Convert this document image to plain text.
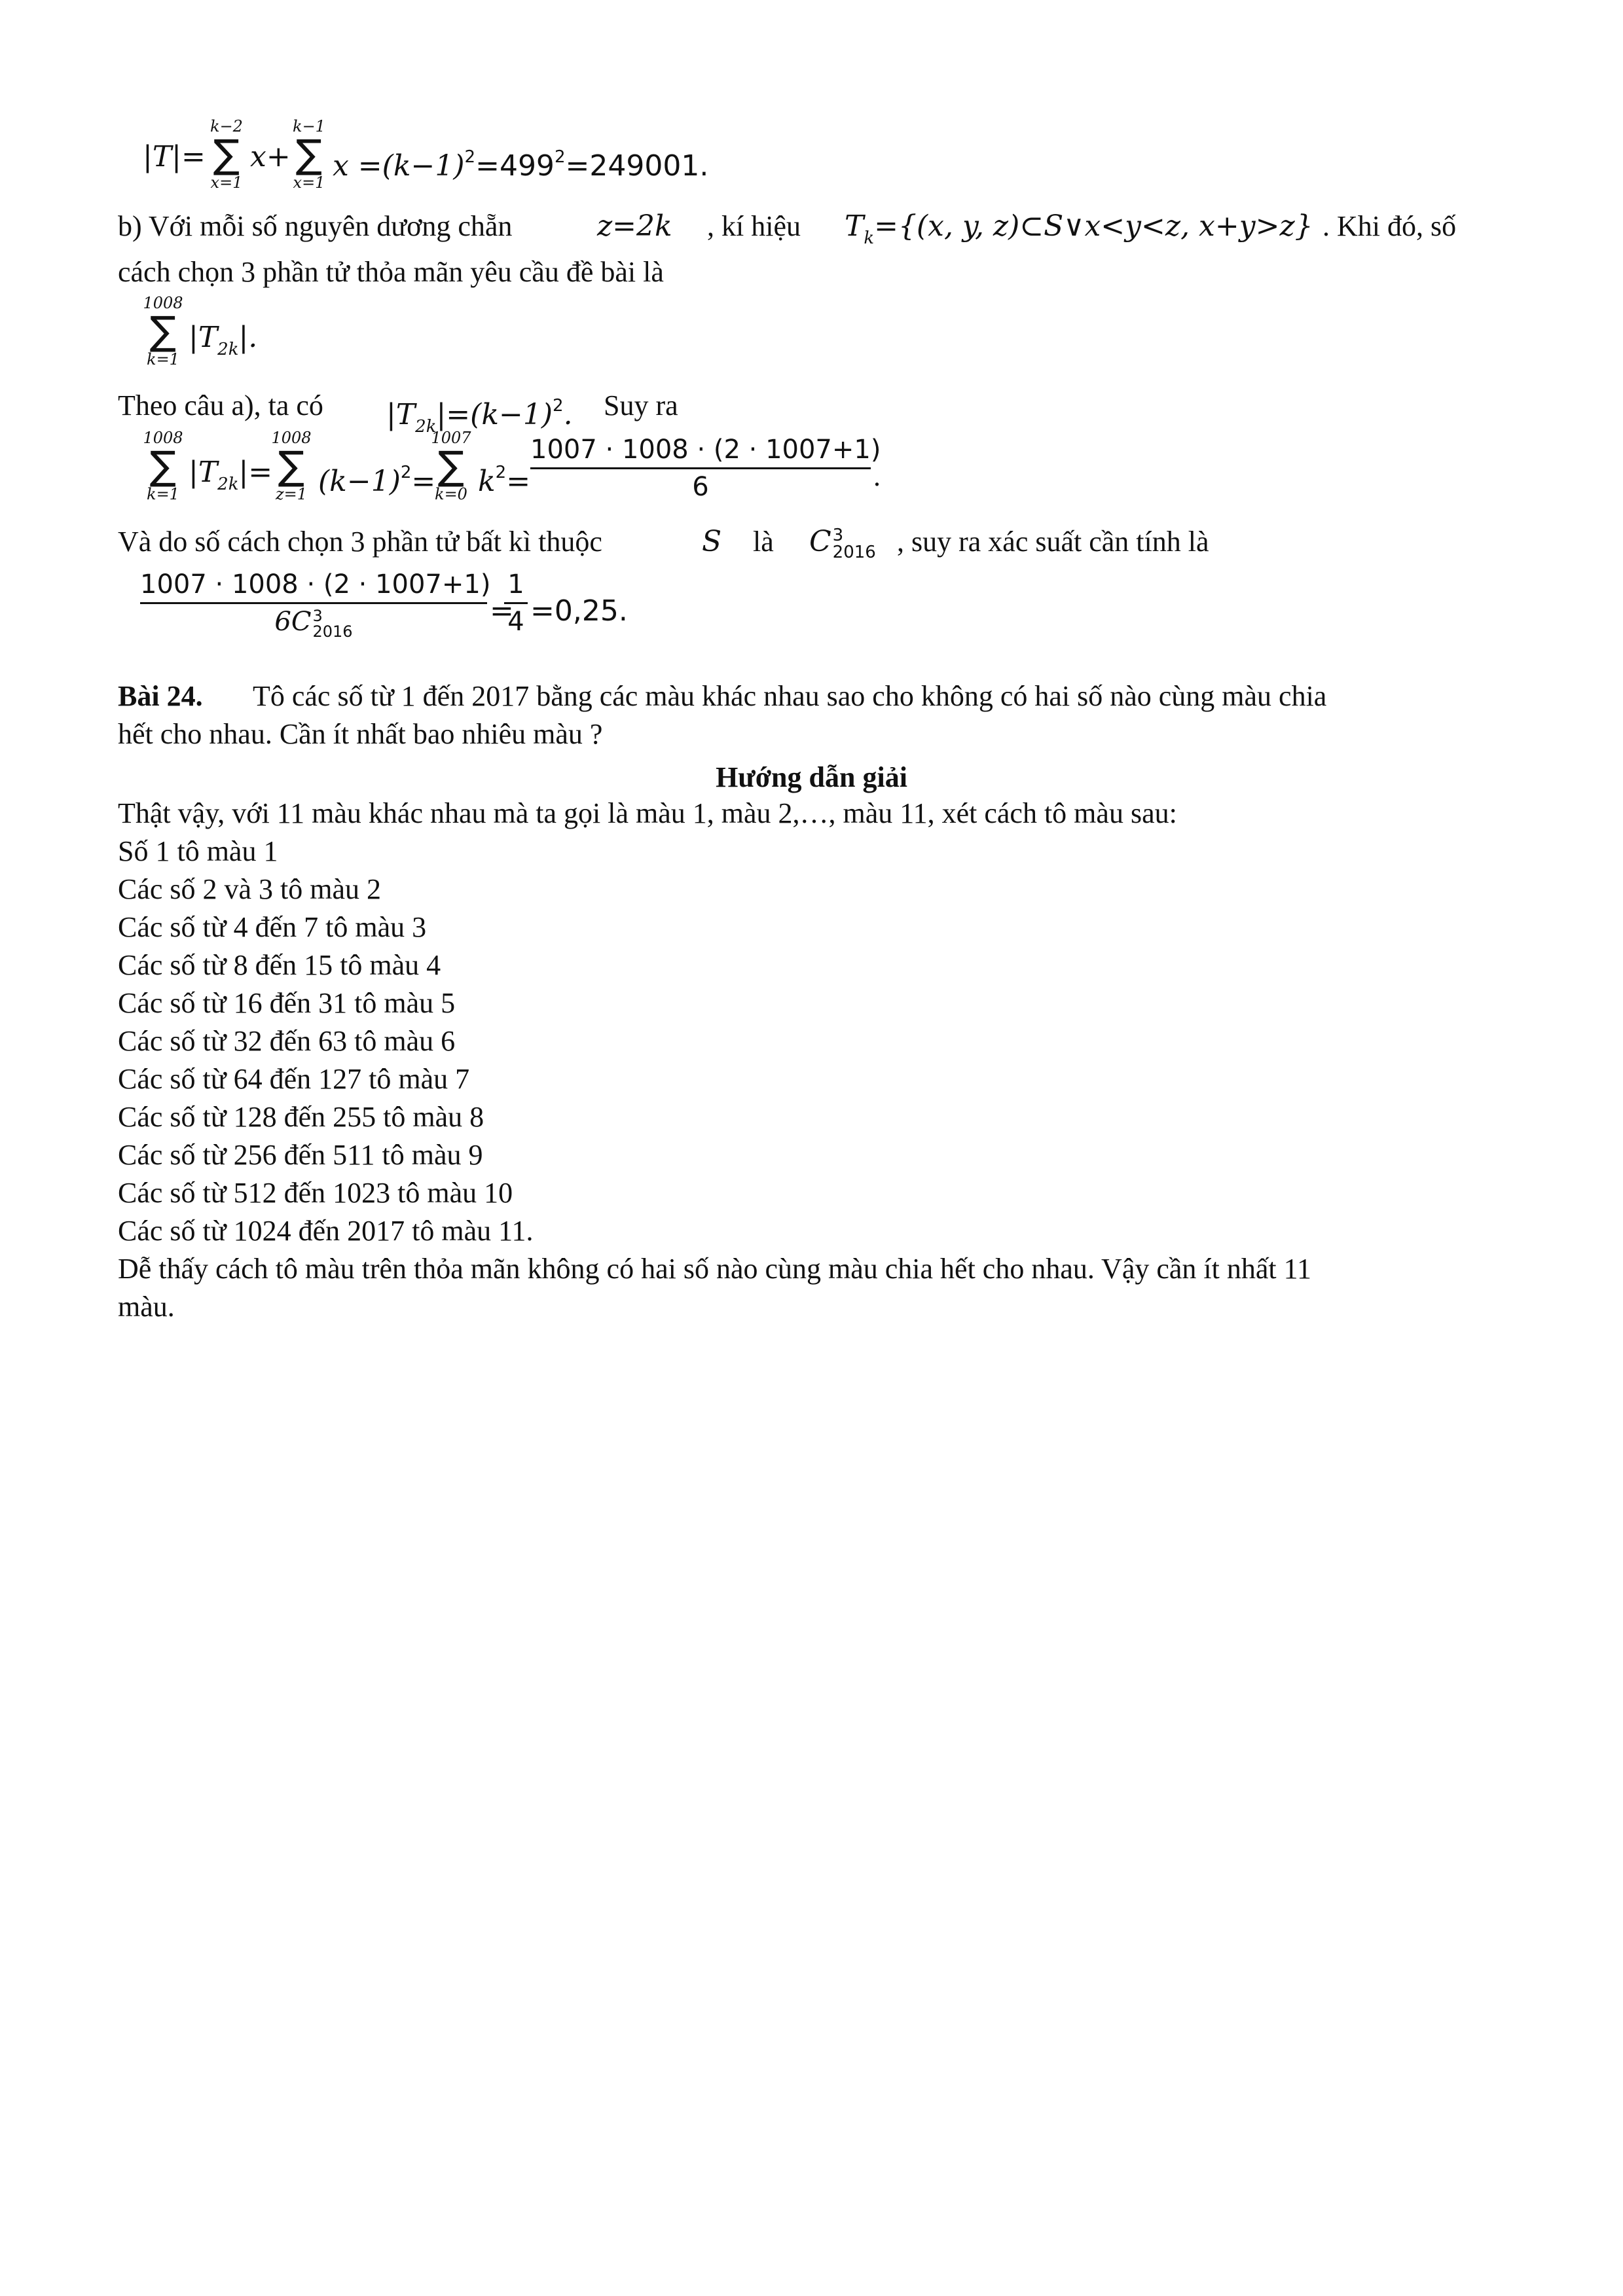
|T|=
k−2
∑
x=1
x+
k−1
∑
x=1 $x =(k-1)^2=499^2=249001$.
b) Với mỗi số nguyên dương chẵn	z=2k , kí hiệu $T_k=\{(x$, y, z)⊂S∨x<y<z, x+y>z} . Khi đó, số
cách chọn 3 phần tử thỏa mãn yêu cầu đề bài là
1008
∑
k=1
$|T_{2k}|$.
Theo câu a), ta có $|T_{2k}|=(k-1)^2$. Suy ra
1008
∑
k=1
$|T_{2k}|=$
1008
∑
z=1 $(k-1)^2=$
1007
∑
k=0 $k^2=$
1007 · 1008 · (2 · 1007+1)
6	.
Và do số cách chọn 3 phần tử bất kì thuộc	S là C 3
2016 , suy ra xác suất cần tính là
1007 · 1008 · (2 · 1007+1)
6C 3
2016
=
1
4 =0,25.
Bài 24. Tô các số từ 1 đến 2017 bằng các màu khác nhau sao cho không có hai số nào cùng màu chia
hết cho nhau. Cần ít nhất bao nhiêu màu ?
Hướng dẫn giải
Thật vậy, với 11 màu khác nhau mà ta gọi là màu 1, màu 2,…, màu 11, xét cách tô màu sau:
Số 1 tô màu 1
Các số 2 và 3 tô màu 2
Các số từ 4 đến 7 tô màu 3
Các số từ 8 đến 15 tô màu 4
Các số từ 16 đến 31 tô màu 5
Các số từ 32 đến 63 tô màu 6
Các số từ 64 đến 127 tô màu 7
Các số từ 128 đến 255 tô màu 8
Các số từ 256 đến 511 tô màu 9
Các số từ 512 đến 1023 tô màu 10
Các số từ 1024 đến 2017 tô màu 11.
Dễ thấy cách tô màu trên thỏa mãn không có hai số nào cùng màu chia hết cho nhau. Vậy cần ít nhất 11
màu.
